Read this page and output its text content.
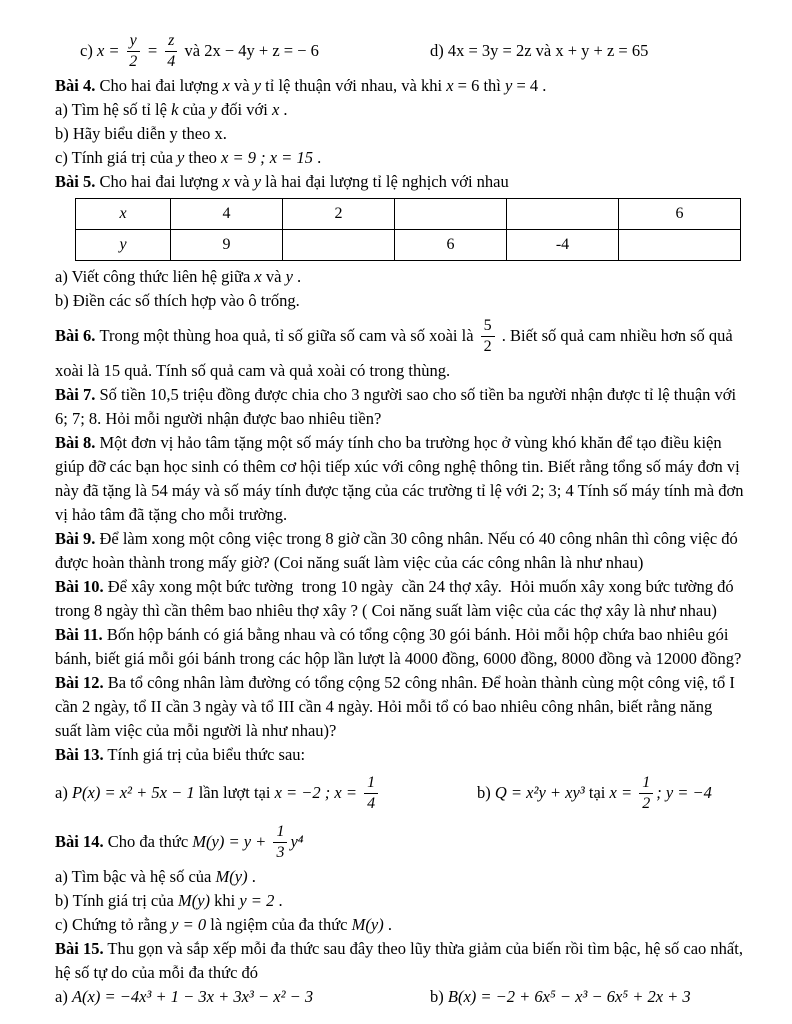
c) $x = \frac{y}{2} = \frac{z}{4}$ và 2x − 4y + z = − 6	d) 4x = 3y = 2z và x + y + z = 65
Bài 4. Cho hai đai lượng x và y tỉ lệ thuận với nhau, và khi x = 6 thì y = 4 .
a) Tìm hệ số tỉ lệ k của y đối với x .
b) Hãy biểu diễn y theo x.
c) Tính giá trị của y theo x = 9 ; x = 15 .
Bài 5. Cho hai đai lượng x và y là hai đại lượng tỉ lệ nghịch với nhau
x	4	2			6
y	9		6	-4	
a) Viết công thức liên hệ giữa x và y .
b) Điền các số thích hợp vào ô trống.
Bài 6. Trong một thùng hoa quả, tỉ số giữa số cam và số xoài là $\frac{5}{2}$ . Biết số quả cam nhiều hơn số quả
xoài là 15 quả. Tính số quả cam và quả xoài có trong thùng.
Bài 7. Số tiền 10,5 triệu đồng được chia cho 3 người sao cho số tiền ba người nhận được tỉ lệ thuận với
6; 7; 8. Hỏi mỗi người nhận được bao nhiêu tiền?
Bài 8. Một đơn vị hảo tâm tặng một số máy tính cho ba trường học ở vùng khó khăn để tạo điều kiện
giúp đỡ các bạn học sinh có thêm cơ hội tiếp xúc với công nghệ thông tin. Biết rằng tổng số máy đơn vị
này đã tặng là 54 máy và số máy tính được tặng của các trường tỉ lệ với 2; 3; 4 Tính số máy tính mà đơn
vị hảo tâm đã tặng cho mỗi trường.
Bài 9. Để làm xong một công việc trong 8 giờ cần 30 công nhân. Nếu có 40 công nhân thì công việc đó
được hoàn thành trong mấy giờ? (Coi năng suất làm việc của các công nhân là như nhau)
Bài 10. Để xây xong một bức tường  trong 10 ngày  cần 24 thợ xây.  Hỏi muốn xây xong bức tường đó
trong 8 ngày thì cần thêm bao nhiêu thợ xây ? ( Coi năng suất làm việc của các thợ xây là như nhau)
Bài 11. Bốn hộp bánh có giá bằng nhau và có tổng cộng 30 gói bánh. Hỏi mỗi hộp chứa bao nhiêu gói
bánh, biết giá mỗi gói bánh trong các hộp lần lượt là 4000 đồng, 6000 đồng, 8000 đồng và 12000 đồng?
Bài 12. Ba tổ công nhân làm đường có tổng cộng 52 công nhân. Để hoàn thành cùng một công việ, tổ I
cần 2 ngày, tổ II cần 3 ngày và tổ III cần 4 ngày. Hỏi mỗi tổ có bao nhiêu công nhân, biết rằng năng
suất làm việc của mỗi người là như nhau)?
Bài 13. Tính giá trị của biểu thức sau:
a) P(x) = x² + 5x − 1 lần lượt tại x = −2 ; $x = \frac{1}{4}$	b) Q = x²y + xy³ tại $x = \frac{1}{2}$ ; y = −4
Bài 14. Cho đa thức $M(y) = y + \frac{1}{3} y^4$
a) Tìm bậc và hệ số của M(y) .
b) Tính giá trị của M(y) khi y = 2 .
c) Chứng tỏ rằng y = 0 là ngiệm của đa thức M(y) .
Bài 15. Thu gọn và sắp xếp mỗi đa thức sau đây theo lũy thừa giảm của biến rồi tìm bậc, hệ số cao nhất,
hệ số tự do của mỗi đa thức đó
a) A(x) = −4x³ + 1 − 3x + 3x³ − x² − 3	b) B(x) = −2 + 6x⁵ − x³ − 6x⁵ + 2x + 3
